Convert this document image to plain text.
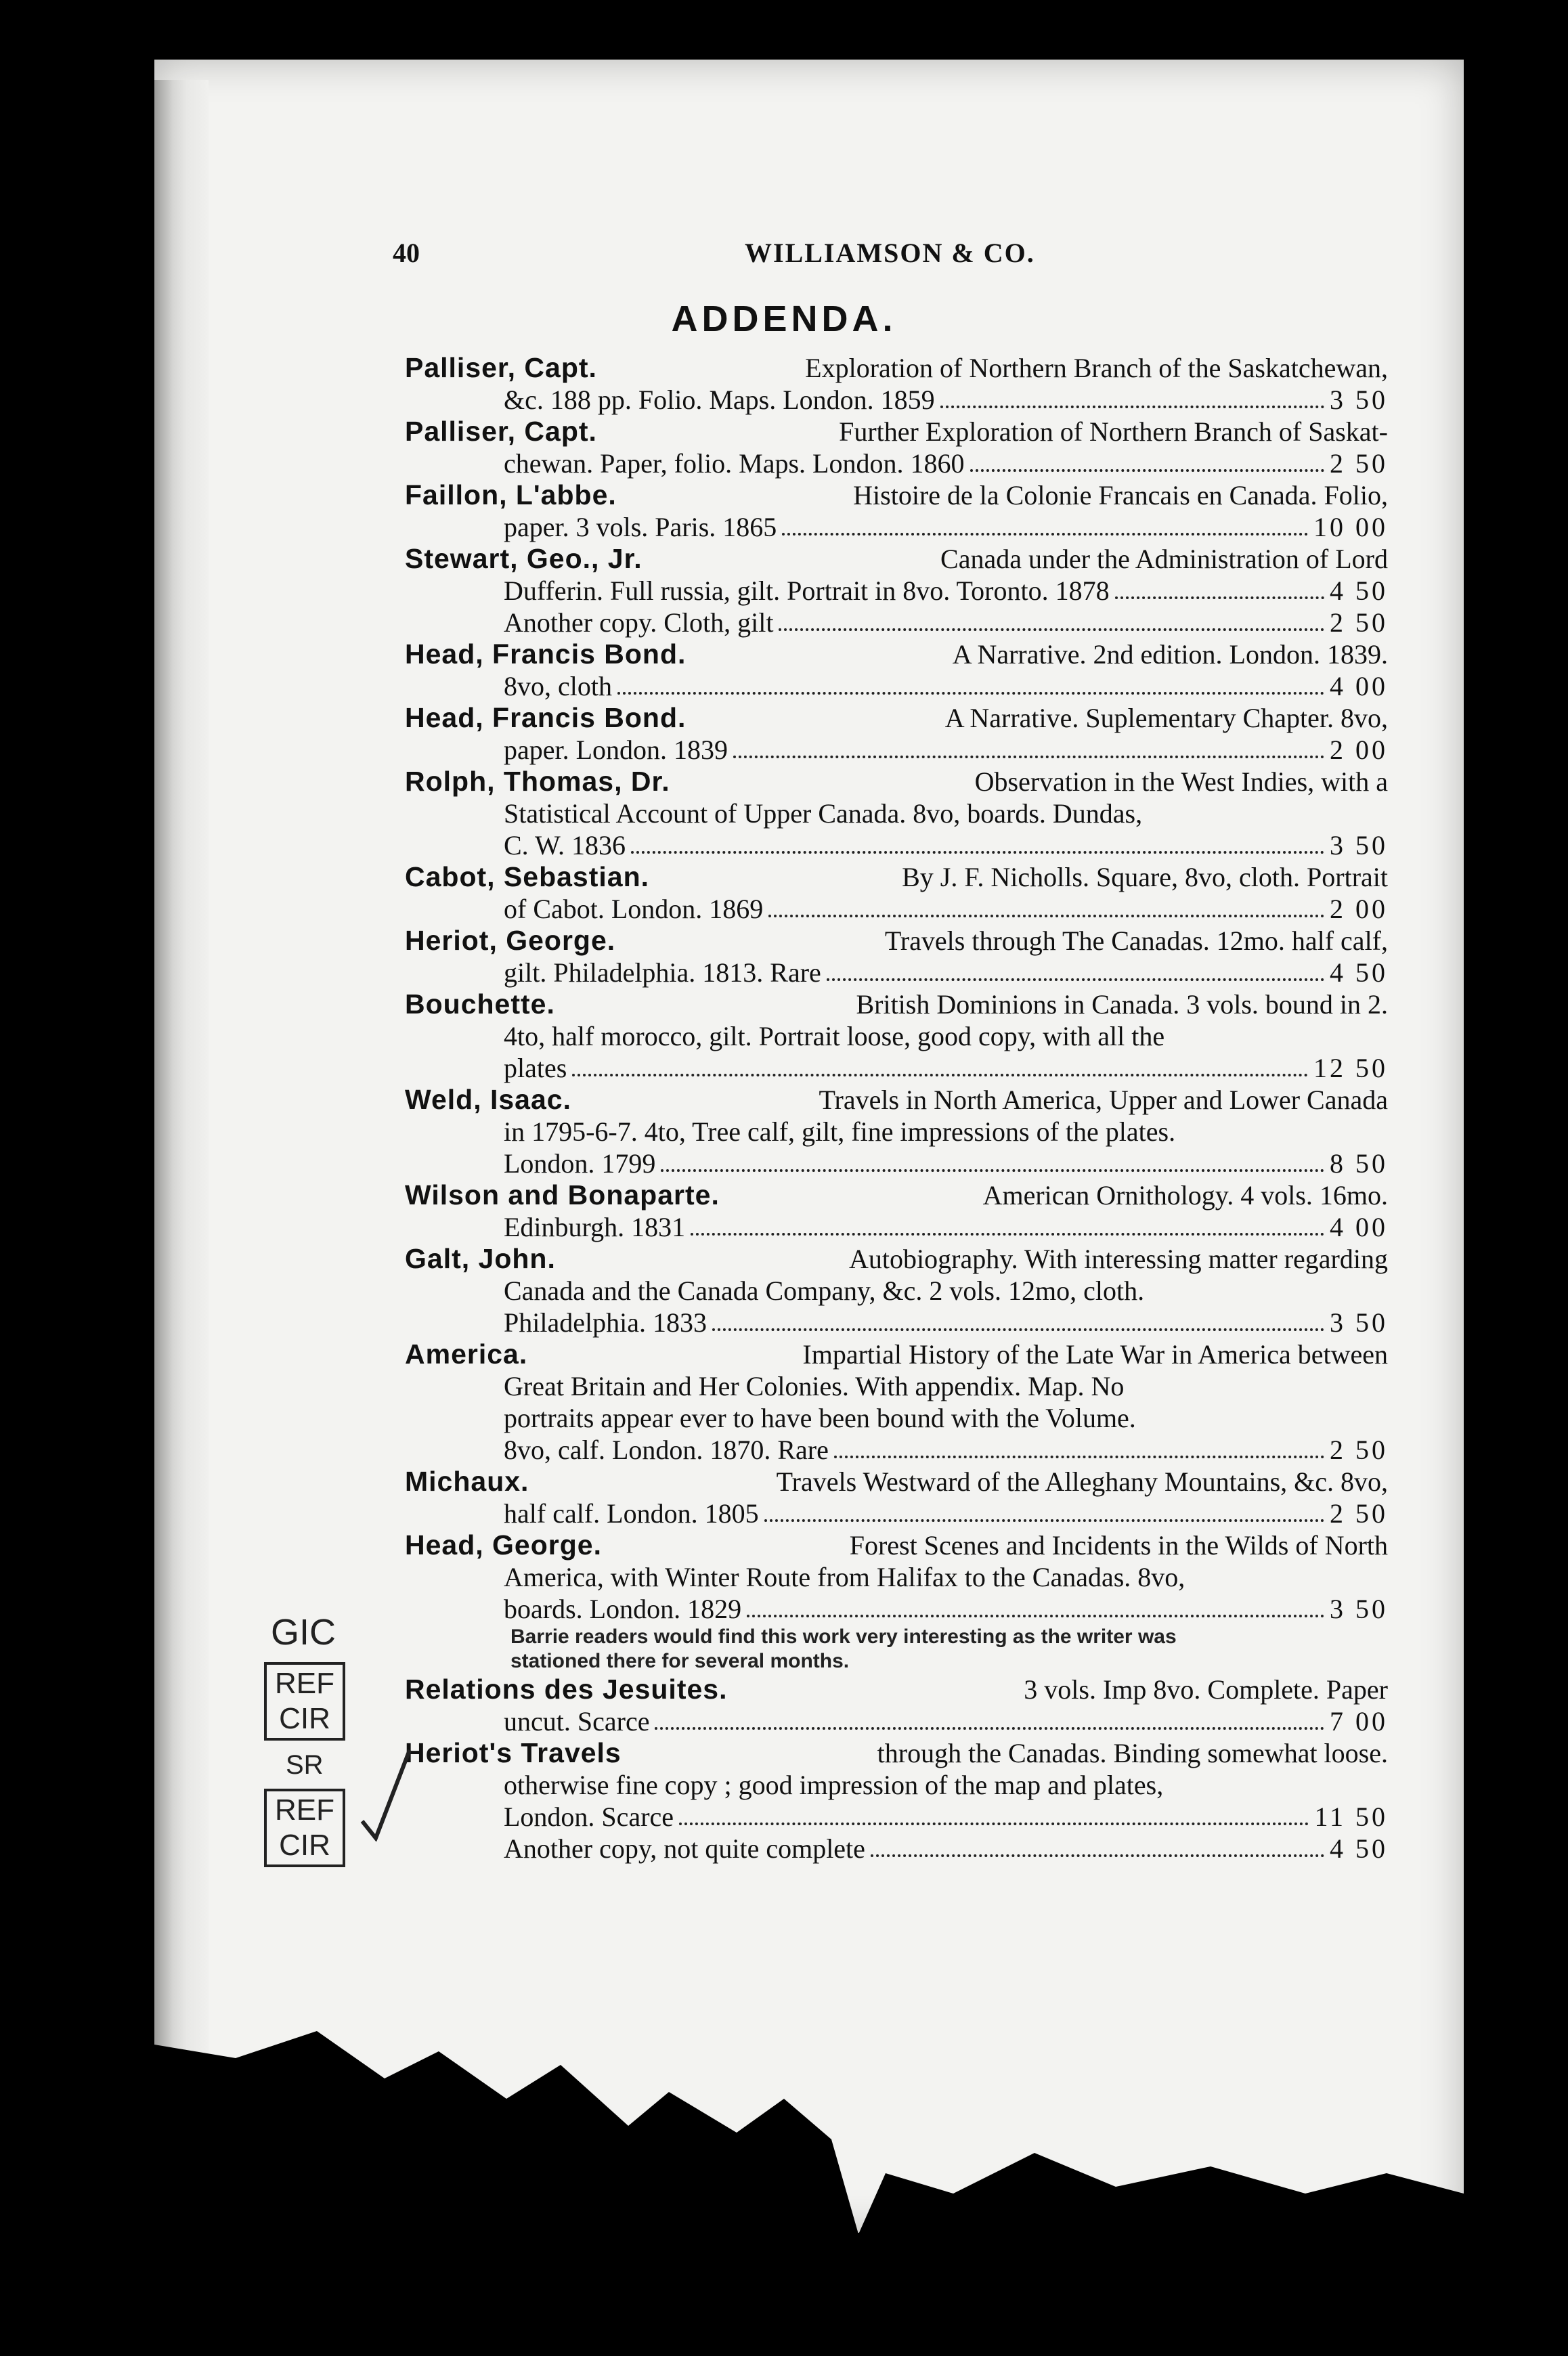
40	WILLIAMSON & CO.
ADDENDA.
Palliser, Capt.	Exploration of Northern Branch of the Saskatchewan,
&c. 188 pp. Folio. Maps. London. 1859	3 50
Palliser, Capt.	Further Exploration of Northern Branch of Saskat-
chewan. Paper, folio. Maps. London. 1860	2 50
Faillon, L'abbe.	Histoire de la Colonie Francais en Canada. Folio,
paper. 3 vols. Paris. 1865	10 00
Stewart, Geo., Jr.	Canada under the Administration of Lord
Dufferin. Full russia, gilt. Portrait in 8vo. Toronto. 1878	4 50
Another copy. Cloth, gilt	2 50
Head, Francis Bond.	A Narrative. 2nd edition. London. 1839.
8vo, cloth	4 00
Head, Francis Bond.	A Narrative. Suplementary Chapter. 8vo,
paper. London. 1839	2 00
Rolph, Thomas, Dr.	Observation in the West Indies, with a
Statistical Account of Upper Canada. 8vo, boards. Dundas,
C. W. 1836	3 50
Cabot, Sebastian.	By J. F. Nicholls. Square, 8vo, cloth. Portrait
of Cabot. London. 1869	2 00
Heriot, George.	Travels through The Canadas. 12mo. half calf,
gilt. Philadelphia. 1813. Rare	4 50
Bouchette.	British Dominions in Canada. 3 vols. bound in 2.
4to, half morocco, gilt. Portrait loose, good copy, with all the
plates	12 50
Weld, Isaac.	Travels in North America, Upper and Lower Canada
in 1795-6-7. 4to, Tree calf, gilt, fine impressions of the plates.
London. 1799	8 50
Wilson and Bonaparte.	American Ornithology. 4 vols. 16mo.
Edinburgh. 1831	4 00
Galt, John.	Autobiography. With interessing matter regarding
Canada and the Canada Company, &c. 2 vols. 12mo, cloth.
Philadelphia. 1833	3 50
America.	Impartial History of the Late War in America between
Great Britain and Her Colonies. With appendix. Map. No
portraits appear ever to have been bound with the Volume.
8vo, calf. London. 1870. Rare	2 50
Michaux.	Travels Westward of the Alleghany Mountains, &c. 8vo,
half calf. London. 1805	2 50
Head, George.	Forest Scenes and Incidents in the Wilds of North
America, with Winter Route from Halifax to the Canadas. 8vo,
boards. London. 1829	3 50
Barrie readers would find this work very interesting as the writer was
stationed there for several months.
Relations des Jesuites.	3 vols. Imp 8vo. Complete. Paper
uncut. Scarce	7 00
Heriot's Travels	through the Canadas. Binding somewhat loose.
otherwise fine copy ; good impression of the map and plates,
London. Scarce	11 50
Another copy, not quite complete	4 50
GIC
REF
CIR
SR
REF
CIR
